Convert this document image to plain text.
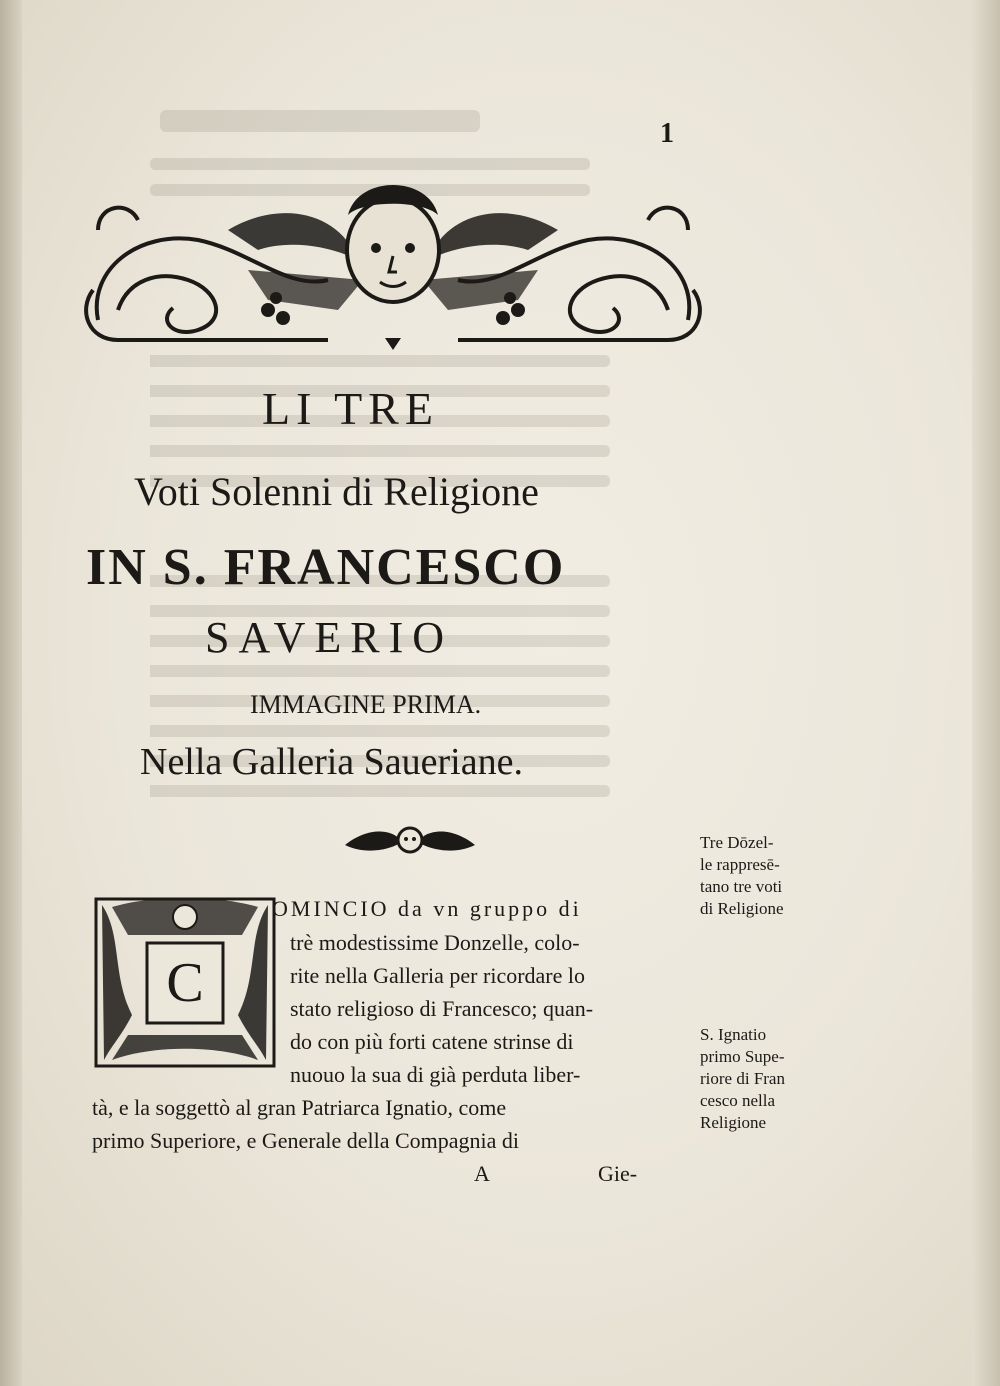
1
LI TRE
Voti Solenni di Religione
IN S. FRANCESCO
SAVERIO
IMMAGINE PRIMA.
Nella Galleria Saueriane.
C
OMINCIO da vn gruppo di
trè modestissime Donzelle, colo-
rite nella Galleria per ricordare lo
stato religioso di Francesco; quan-
do con più forti catene strinse di
nuouo la sua di già perduta liber-
tà, e la soggettò al gran Patriarca Ignatio, come
primo Superiore, e Generale della Compagnia di
A	Gie-
Tre Dōzel-
le rappresē-
tano tre voti
di Religione
S. Ignatio
primo Supe-
riore di Fran
cesco nella
Religione
